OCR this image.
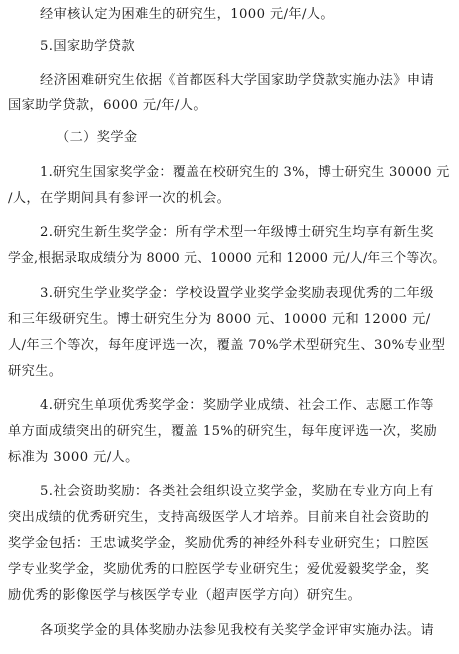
经审核认定为困难生的研究生，1000 元/年/人。
5.国家助学贷款
经济困难研究生依据《首都医科大学国家助学贷款实施办法》申请
国家助学贷款，6000 元/年/人。
（二）奖学金
1.研究生国家奖学金：覆盖在校研究生的 3%，博士研究生 30000 元
/人，在学期间具有参评一次的机会。
2.研究生新生奖学金：所有学术型一年级博士研究生均享有新生奖
学金,根据录取成绩分为 8000 元、10000 元和 12000 元/人/年三个等次。
3.研究生学业奖学金：学校设置学业奖学金奖励表现优秀的二年级
和三年级研究生。博士研究生分为 8000 元、10000 元和 12000 元/
人/年三个等次，每年度评选一次，覆盖 70%学术型研究生、30%专业型
研究生。
4.研究生单项优秀奖学金：奖励学业成绩、社会工作、志愿工作等
单方面成绩突出的研究生，覆盖 15%的研究生，每年度评选一次，奖励
标准为 3000 元/人。
5.社会资助奖励：各类社会组织设立奖学金，奖励在专业方向上有
突出成绩的优秀研究生，支持高级医学人才培养。目前来自社会资助的
奖学金包括：王忠诚奖学金，奖励优秀的神经外科专业研究生；口腔医
学专业奖学金，奖励优秀的口腔医学专业研究生；爱优爱毅奖学金，奖
励优秀的影像医学与核医学专业（超声医学方向）研究生。
各项奖学金的具体奖励办法参见我校有关奖学金评审实施办法。请
